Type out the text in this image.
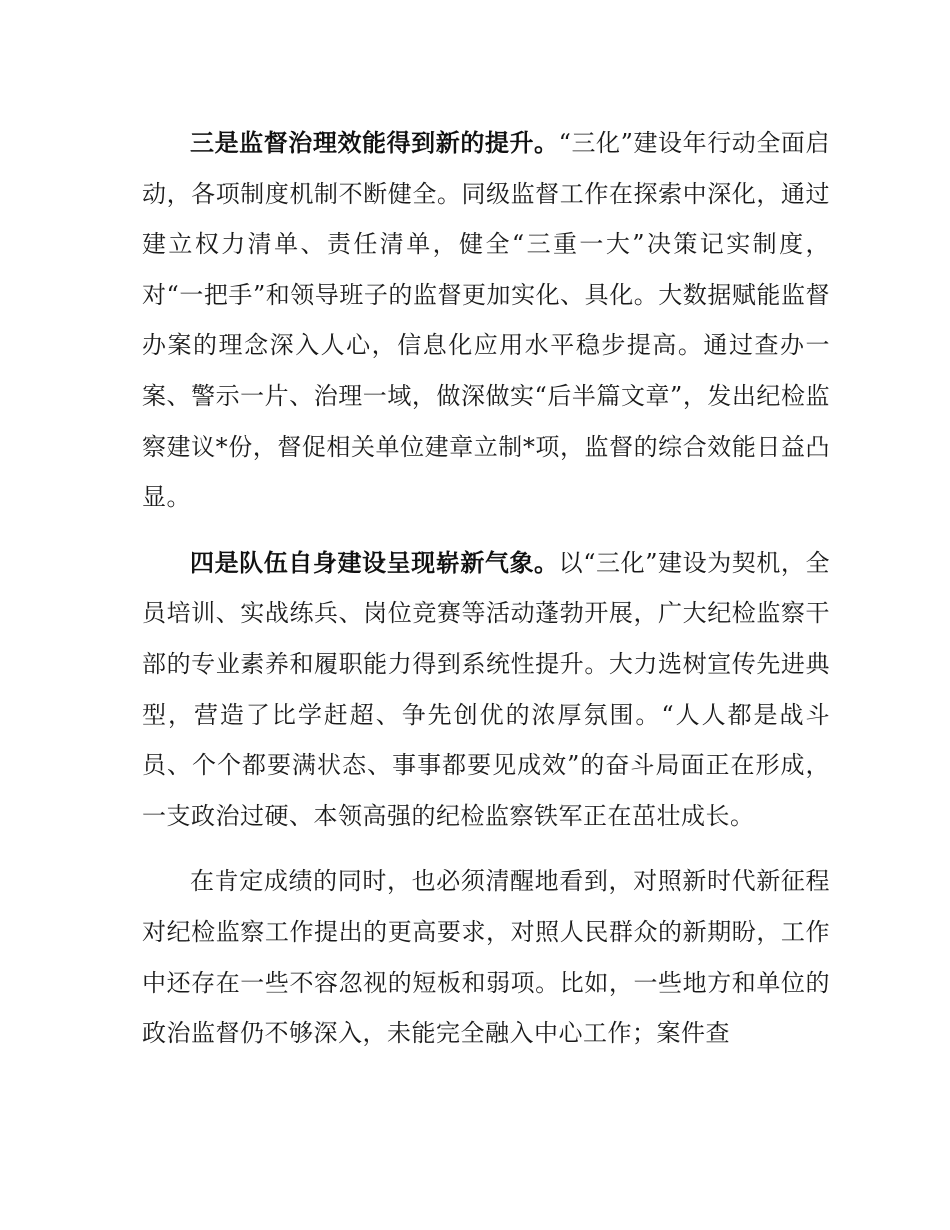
三是监督治理效能得到新的提升。“三化”建设年行动全面启动，各项制度机制不断健全。同级监督工作在探索中深化，通过建立权力清单、责任清单，健全“三重一大”决策记实制度，对“一把手”和领导班子的监督更加实化、具化。大数据赋能监督办案的理念深入人心，信息化应用水平稳步提高。通过查办一案、警示一片、治理一域，做深做实“后半篇文章”，发出纪检监察建议*份，督促相关单位建章立制*项，监督的综合效能日益凸显。

四是队伍自身建设呈现崭新气象。以“三化”建设为契机，全员培训、实战练兵、岗位竞赛等活动蓬勃开展，广大纪检监察干部的专业素养和履职能力得到系统性提升。大力选树宣传先进典型，营造了比学赶超、争先创优的浓厚氛围。“人人都是战斗员、个个都要满状态、事事都要见成效”的奋斗局面正在形成，一支政治过硬、本领高强的纪检监察铁军正在茁壮成长。

在肯定成绩的同时，也必须清醒地看到，对照新时代新征程对纪检监察工作提出的更高要求，对照人民群众的新期盼，工作中还存在一些不容忽视的短板和弱项。比如，一些地方和单位的政治监督仍不够深入，未能完全融入中心工作；案件查
